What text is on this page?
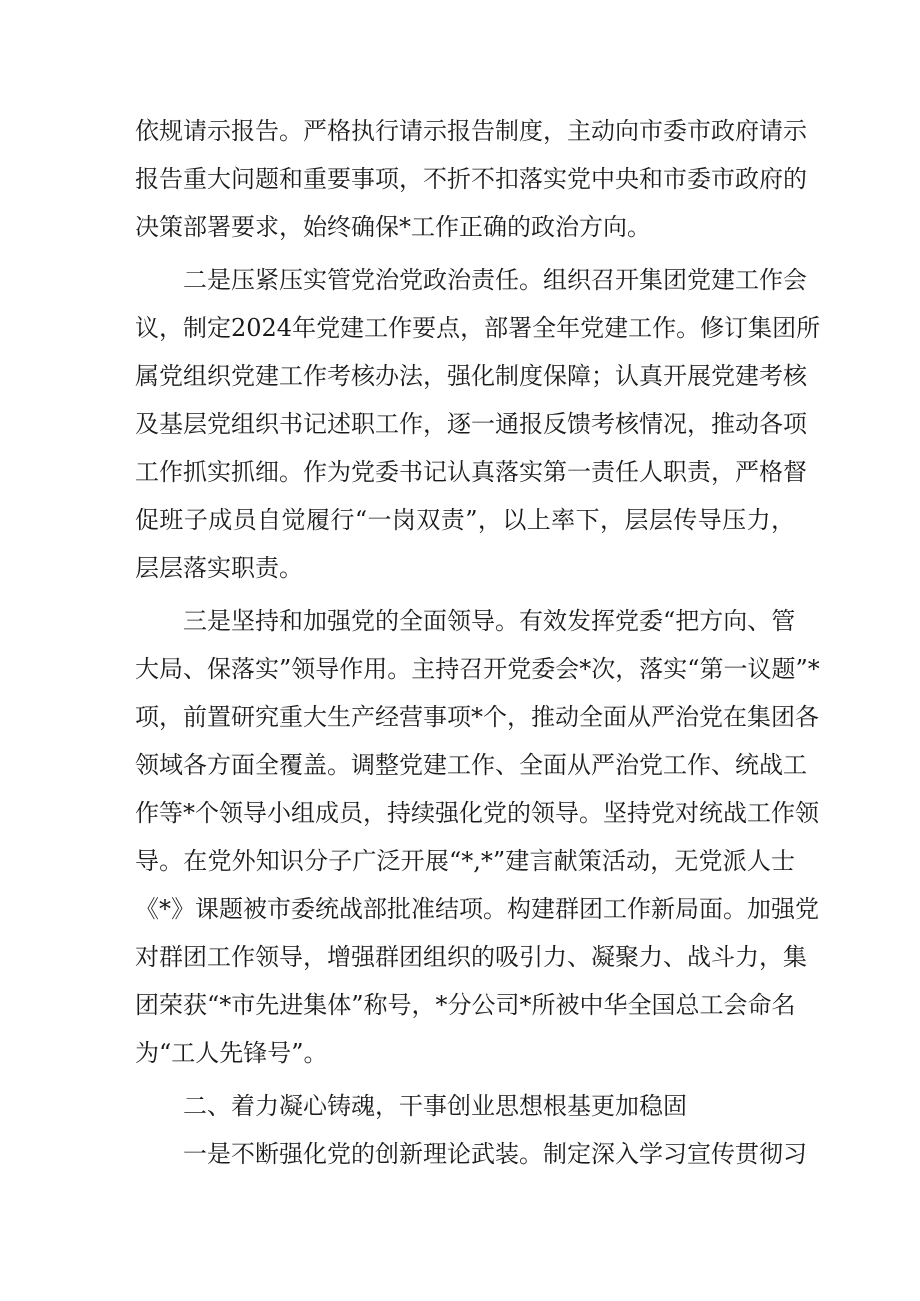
依规请示报告。严格执行请示报告制度，主动向市委市政府请示
报告重大问题和重要事项，不折不扣落实党中央和市委市政府的
决策部署要求，始终确保*工作正确的政治方向。
二是压紧压实管党治党政治责任。组织召开集团党建工作会
议，制定2024年党建工作要点，部署全年党建工作。修订集团所
属党组织党建工作考核办法，强化制度保障；认真开展党建考核
及基层党组织书记述职工作，逐一通报反馈考核情况，推动各项
工作抓实抓细。作为党委书记认真落实第一责任人职责，严格督
促班子成员自觉履行“一岗双责”，以上率下，层层传导压力，
层层落实职责。
三是坚持和加强党的全面领导。有效发挥党委“把方向、管
大局、保落实”领导作用。主持召开党委会*次，落实“第一议题”*
项，前置研究重大生产经营事项*个，推动全面从严治党在集团各
领域各方面全覆盖。调整党建工作、全面从严治党工作、统战工
作等*个领导小组成员，持续强化党的领导。坚持党对统战工作领
导。在党外知识分子广泛开展“*,*”建言献策活动，无党派人士
《*》课题被市委统战部批准结项。构建群团工作新局面。加强党
对群团工作领导，增强群团组织的吸引力、凝聚力、战斗力，集
团荣获“*市先进集体”称号，*分公司*所被中华全国总工会命名
为“工人先锋号”。
二、着力凝心铸魂，干事创业思想根基更加稳固
一是不断强化党的创新理论武装。制定深入学习宣传贯彻习
